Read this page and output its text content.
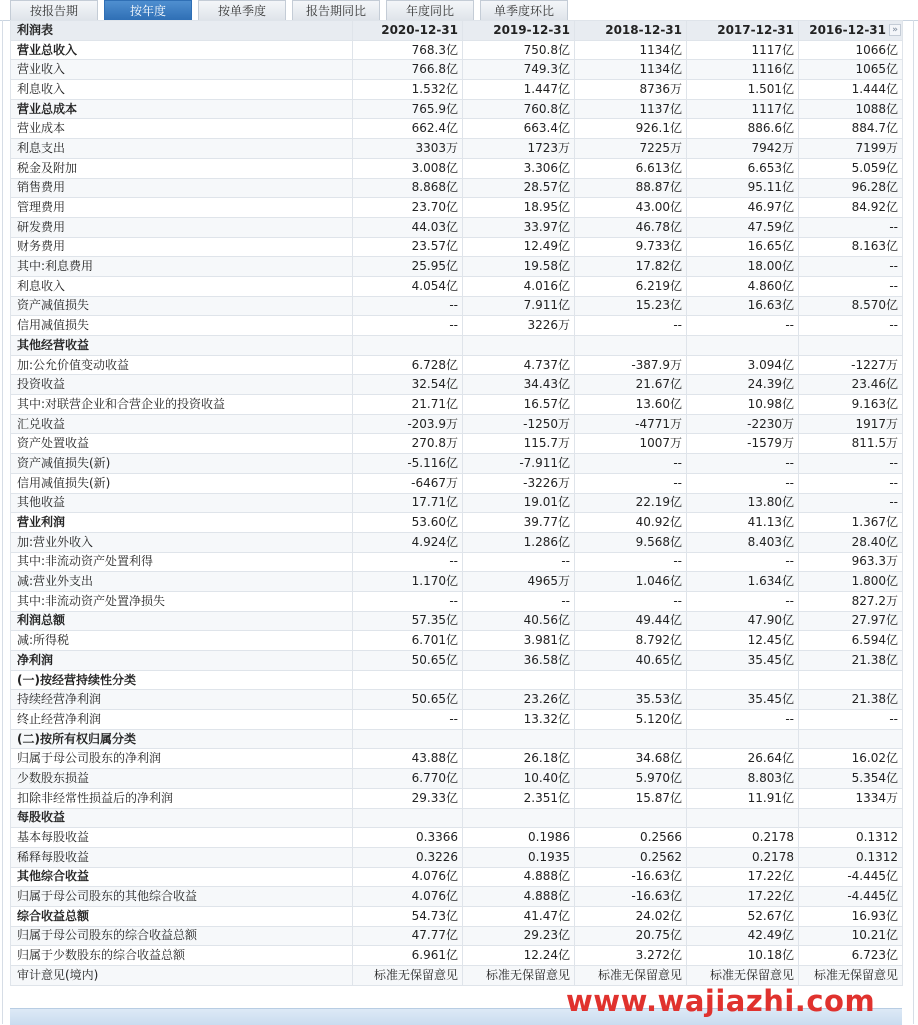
按报告期	按年度	按单季度	报告期同比	年度同比	单季度环比
利润表	2020-12-31	2019-12-31	2018-12-31	2017-12-31	2016-12-31 »

营业总收入	768.3亿	750.8亿	1134亿	1117亿	1066亿
营业收入	766.8亿	749.3亿	1134亿	1116亿	1065亿
利息收入	1.532亿	1.447亿	8736万	1.501亿	1.444亿
营业总成本	765.9亿	760.8亿	1137亿	1117亿	1088亿
营业成本	662.4亿	663.4亿	926.1亿	886.6亿	884.7亿
利息支出	3303万	1723万	7225万	7942万	7199万
税金及附加	3.008亿	3.306亿	6.613亿	6.653亿	5.059亿
销售费用	8.868亿	28.57亿	88.87亿	95.11亿	96.28亿
管理费用	23.70亿	18.95亿	43.00亿	46.97亿	84.92亿
研发费用	44.03亿	33.97亿	46.78亿	47.59亿	--
财务费用	23.57亿	12.49亿	9.733亿	16.65亿	8.163亿
其中:利息费用	25.95亿	19.58亿	17.82亿	18.00亿	--
利息收入	4.054亿	4.016亿	6.219亿	4.860亿	--
资产减值损失	--	7.911亿	15.23亿	16.63亿	8.570亿
信用减值损失	--	3226万	--	--	--
其他经营收益					
加:公允价值变动收益	6.728亿	4.737亿	-387.9万	3.094亿	-1227万
投资收益	32.54亿	34.43亿	21.67亿	24.39亿	23.46亿
其中:对联营企业和合营企业的投资收益	21.71亿	16.57亿	13.60亿	10.98亿	9.163亿
汇兑收益	-203.9万	-1250万	-4771万	-2230万	1917万
资产处置收益	270.8万	115.7万	1007万	-1579万	811.5万
资产减值损失(新)	-5.116亿	-7.911亿	--	--	--
信用减值损失(新)	-6467万	-3226万	--	--	--
其他收益	17.71亿	19.01亿	22.19亿	13.80亿	--
营业利润	53.60亿	39.77亿	40.92亿	41.13亿	1.367亿
加:营业外收入	4.924亿	1.286亿	9.568亿	8.403亿	28.40亿
其中:非流动资产处置利得	--	--	--	--	963.3万
减:营业外支出	1.170亿	4965万	1.046亿	1.634亿	1.800亿
其中:非流动资产处置净损失	--	--	--	--	827.2万
利润总额	57.35亿	40.56亿	49.44亿	47.90亿	27.97亿
减:所得税	6.701亿	3.981亿	8.792亿	12.45亿	6.594亿
净利润	50.65亿	36.58亿	40.65亿	35.45亿	21.38亿
(一)按经营持续性分类					
持续经营净利润	50.65亿	23.26亿	35.53亿	35.45亿	21.38亿
终止经营净利润	--	13.32亿	5.120亿	--	--
(二)按所有权归属分类					
归属于母公司股东的净利润	43.88亿	26.18亿	34.68亿	26.64亿	16.02亿
少数股东损益	6.770亿	10.40亿	5.970亿	8.803亿	5.354亿
扣除非经常性损益后的净利润	29.33亿	2.351亿	15.87亿	11.91亿	1334万
每股收益					
基本每股收益	0.3366	0.1986	0.2566	0.2178	0.1312
稀释每股收益	0.3226	0.1935	0.2562	0.2178	0.1312
其他综合收益	4.076亿	4.888亿	-16.63亿	17.22亿	-4.445亿
归属于母公司股东的其他综合收益	4.076亿	4.888亿	-16.63亿	17.22亿	-4.445亿
综合收益总额	54.73亿	41.47亿	24.02亿	52.67亿	16.93亿
归属于母公司股东的综合收益总额	47.77亿	29.23亿	20.75亿	42.49亿	10.21亿
归属于少数股东的综合收益总额	6.961亿	12.24亿	3.272亿	10.18亿	6.723亿
审计意见(境内)	标准无保留意见	标准无保留意见	标准无保留意见	标准无保留意见	标准无保留意见
www.wajiazhi.com
